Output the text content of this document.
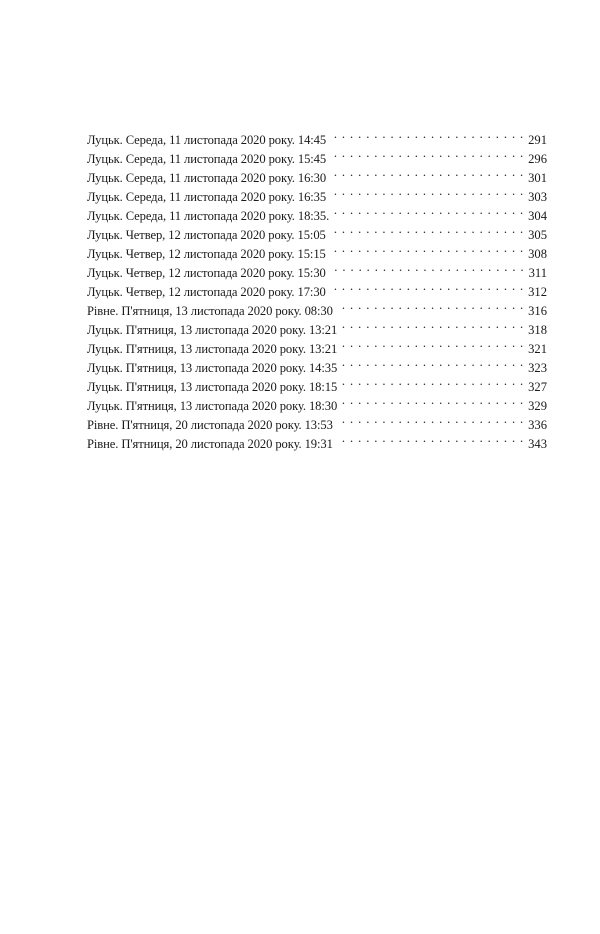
Луцьк. Середа, 11 листопада 2020 року. 14:45 . . .	291
Луцьк. Середа, 11 листопада 2020 року. 15:45 . . .	296
Луцьк. Середа, 11 листопада 2020 року. 16:30 . . .	301
Луцьк. Середа, 11 листопада 2020 року. 16:35 . . .	303
Луцьк. Середа, 11 листопада 2020 року. 18:35. . . .	304
Луцьк. Четвер, 12 листопада 2020 року. 15:05 . . .	305
Луцьк. Четвер, 12 листопада 2020 року. 15:15 . . .	308
Луцьк. Четвер, 12 листопада 2020 року. 15:30 . . .	311
Луцьк. Четвер, 12 листопада 2020 року. 17:30 . . .	312
Рівне. П'ятниця, 13 листопада 2020 року. 08:30 . . .	316
Луцьк. П'ятниця, 13 листопада 2020 року. 13:21 . . .	318
Луцьк. П'ятниця, 13 листопада 2020 року. 13:21 . . .	321
Луцьк. П'ятниця, 13 листопада 2020 року. 14:35 . . .	323
Луцьк. П'ятниця, 13 листопада 2020 року. 18:15 . . .	327
Луцьк. П'ятниця, 13 листопада 2020 року. 18:30 . . .	329
Рівне. П'ятниця, 20 листопада 2020 року. 13:53 . . .	336
Рівне. П'ятниця, 20 листопада 2020 року. 19:31 . . .	343
